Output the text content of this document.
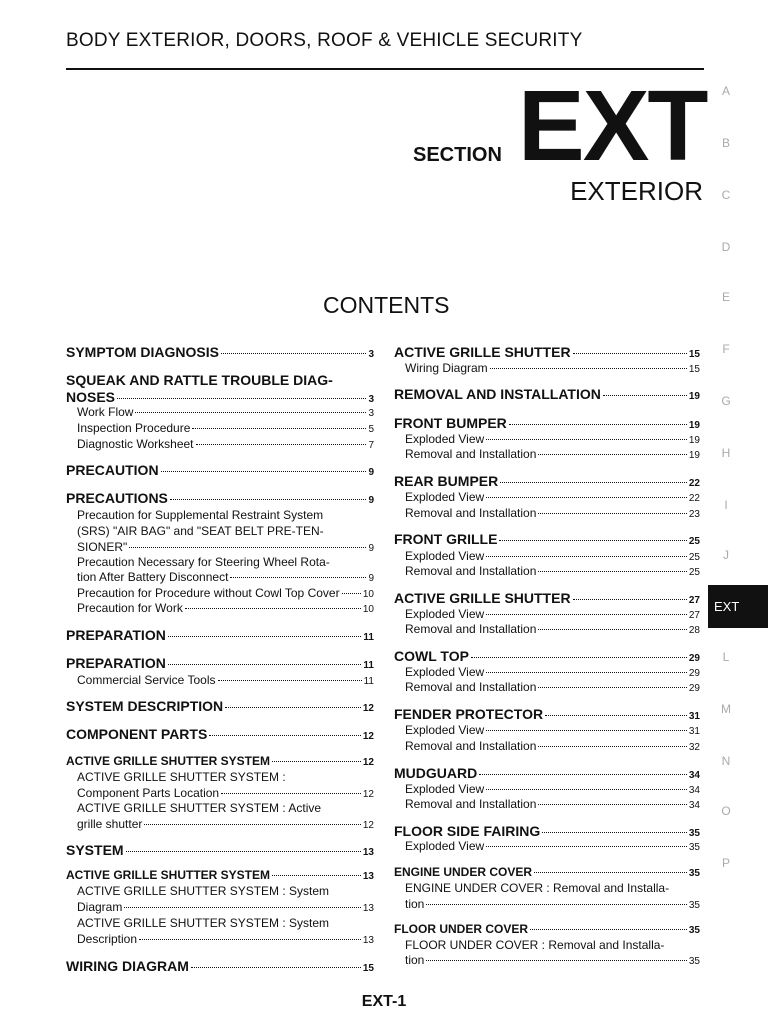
BODY EXTERIOR, DOORS, ROOF & VEHICLE SECURITY
SECTION EXT
EXTERIOR
CONTENTS
A
B
C
D
E
F
G
H
I
J
L
M
N
O
P
SYMPTOM DIAGNOSIS	3
SQUEAK AND RATTLE TROUBLE DIAG-
NOSES	3
Work Flow	3
Inspection Procedure	5
Diagnostic Worksheet	7
PRECAUTION	9
PRECAUTIONS	9
Precaution for Supplemental Restraint System
(SRS) "AIR BAG" and "SEAT BELT PRE-TEN-
SIONER"	9
Precaution Necessary for Steering Wheel Rota-
tion After Battery Disconnect	9
Precaution for Procedure without Cowl Top Cover 10
Precaution for Work	10
PREPARATION	11
PREPARATION	11
Commercial Service Tools	11
SYSTEM DESCRIPTION	12
COMPONENT PARTS	12
ACTIVE GRILLE SHUTTER SYSTEM	12
ACTIVE GRILLE SHUTTER SYSTEM :
Component Parts Location	12
ACTIVE GRILLE SHUTTER SYSTEM : Active
grille shutter	12
SYSTEM	13
ACTIVE GRILLE SHUTTER SYSTEM	13
ACTIVE GRILLE SHUTTER SYSTEM : System
Diagram	13
ACTIVE GRILLE SHUTTER SYSTEM : System
Description	13
WIRING DIAGRAM	15
ACTIVE GRILLE SHUTTER	15
Wiring Diagram	15
REMOVAL AND INSTALLATION	19
FRONT BUMPER	19
Exploded View	19
Removal and Installation	19
REAR BUMPER	22
Exploded View	22
Removal and Installation	23
FRONT GRILLE	25
Exploded View	25
Removal and Installation	25
ACTIVE GRILLE SHUTTER	27
Exploded View	27
Removal and Installation	28
COWL TOP	29
Exploded View	29
Removal and Installation	29
FENDER PROTECTOR	31
Exploded View	31
Removal and Installation	32
MUDGUARD	34
Exploded View	34
Removal and Installation	34
FLOOR SIDE FAIRING	35
Exploded View	35
ENGINE UNDER COVER	35
ENGINE UNDER COVER : Removal and Installa-
tion	35
FLOOR UNDER COVER	35
FLOOR UNDER COVER : Removal and Installa-
tion	35
EXT-1
EXT
